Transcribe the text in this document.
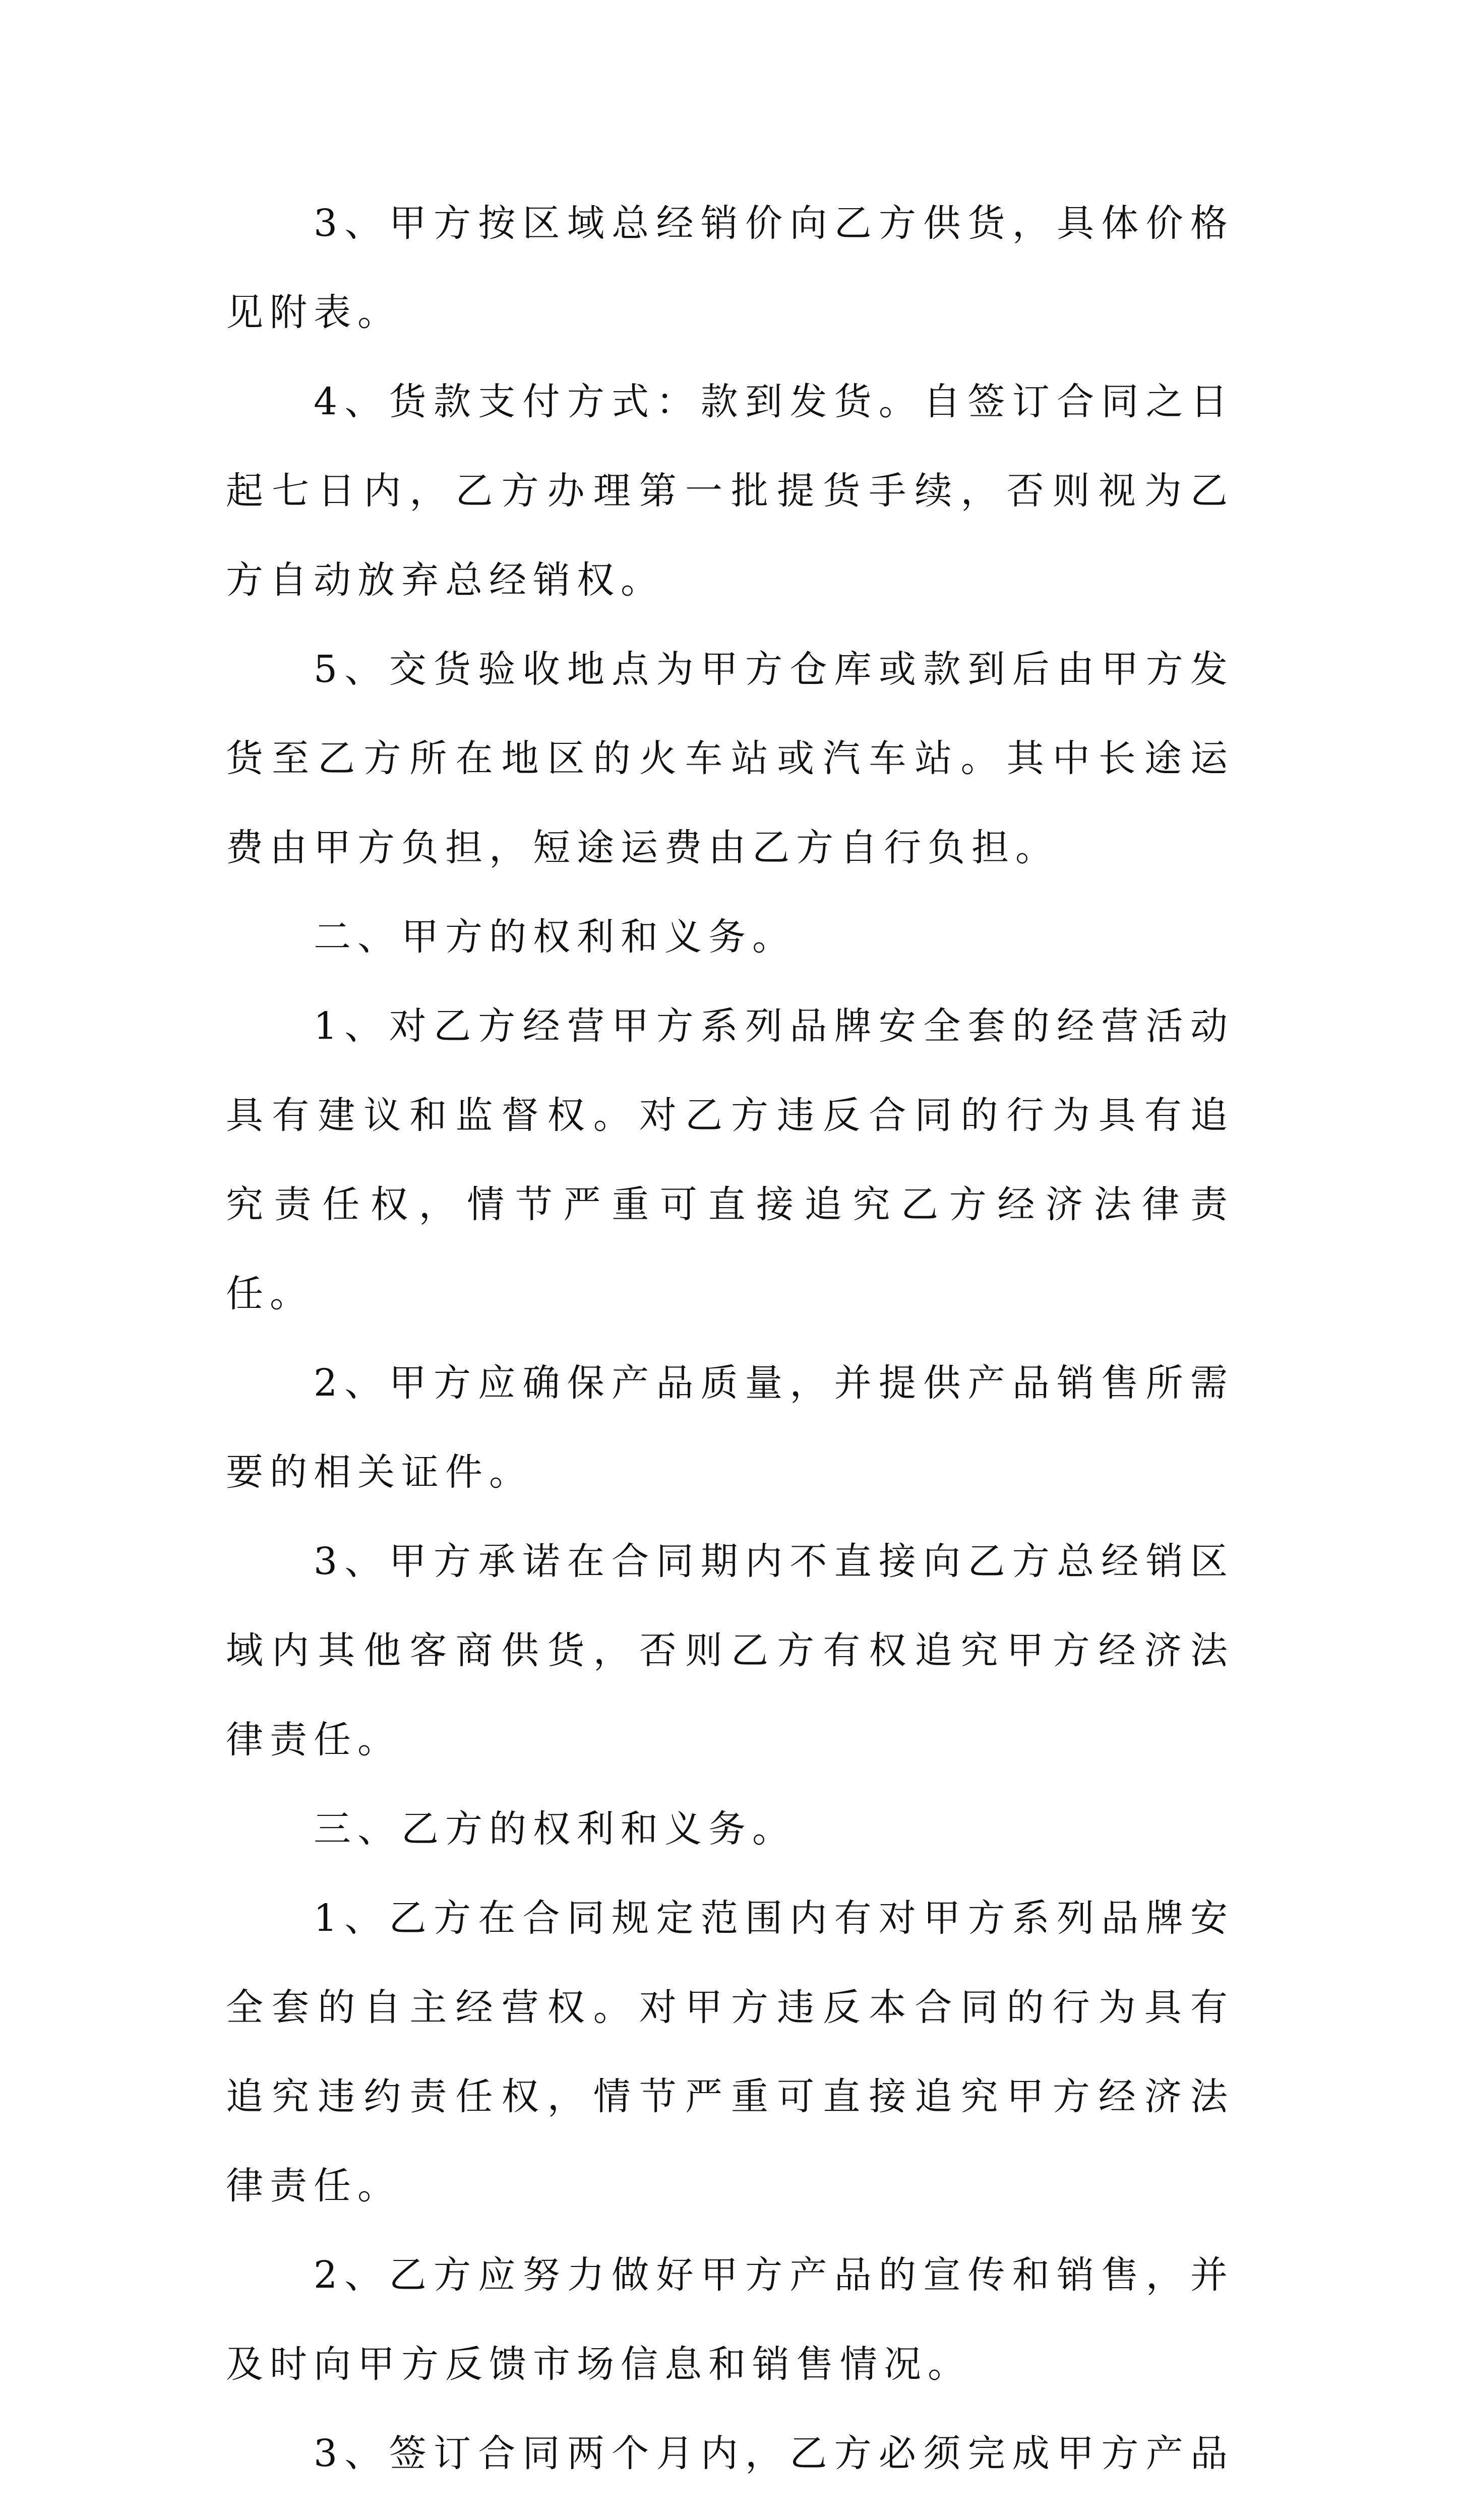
3、甲方按区域总经销价向乙方供货，具体价格见附表。

4、货款支付方式：款到发货。自签订合同之日起七日内，乙方办理第一批提货手续，否则视为乙方自动放弃总经销权。

5、交货验收地点为甲方仓库或款到后由甲方发货至乙方所在地区的火车站或汽车站。其中长途运费由甲方负担，短途运费由乙方自行负担。

二、甲方的权利和义务。

1、对乙方经营甲方系列品牌安全套的经营活动具有建议和监督权。对乙方违反合同的行为具有追究责任权，情节严重可直接追究乙方经济法律责任。

2、甲方应确保产品质量，并提供产品销售所需要的相关证件。

3、甲方承诺在合同期内不直接向乙方总经销区域内其他客商供货，否则乙方有权追究甲方经济法律责任。

三、乙方的权利和义务。

1、乙方在合同规定范围内有对甲方系列品牌安全套的自主经营权。对甲方违反本合同的行为具有追究违约责任权，情节严重可直接追究甲方经济法律责任。

2、乙方应努力做好甲方产品的宣传和销售，并及时向甲方反馈市场信息和销售情况。

3、签订合同两个月内，乙方必须完成甲方产品
